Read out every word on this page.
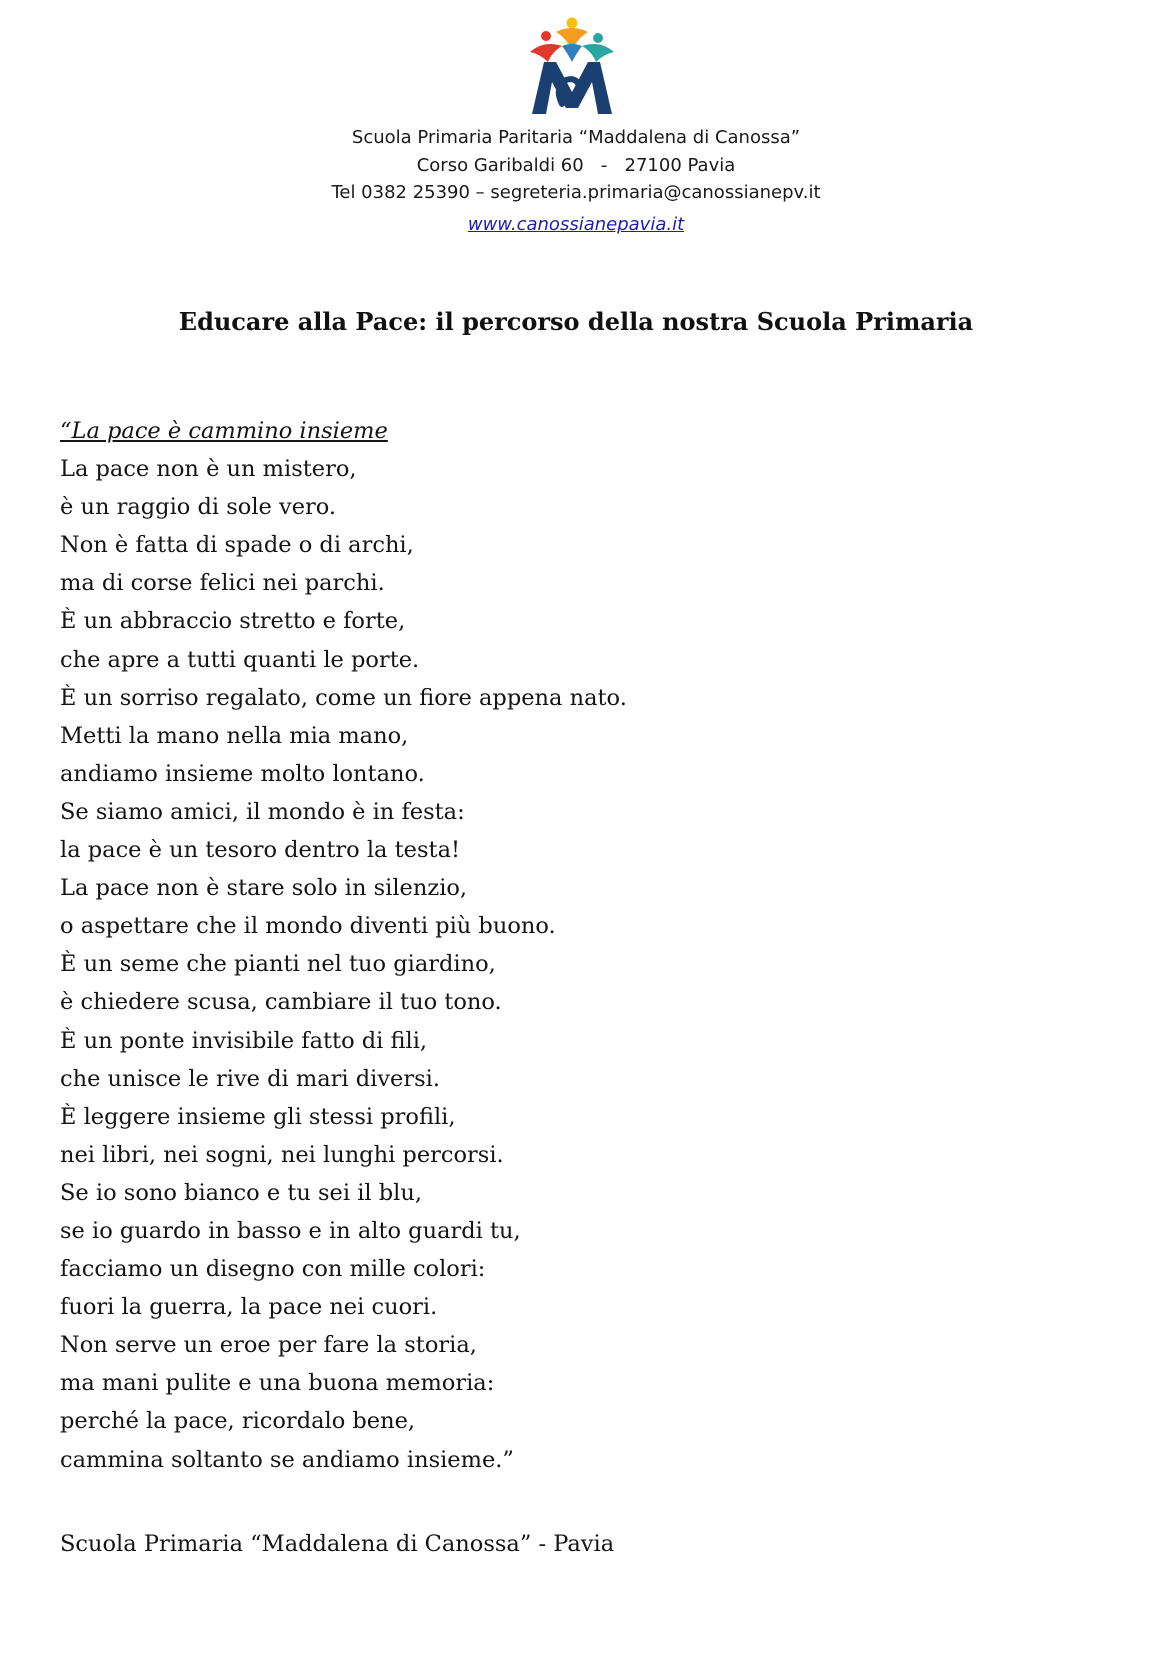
Scuola Primaria Paritaria “Maddalena di Canossa”
Corso Garibaldi 60   -   27100 Pavia
Tel 0382 25390 – segreteria.primaria@canossianepv.it
www.canossianepavia.it
Educare alla Pace: il percorso della nostra Scuola Primaria
“La pace è cammino insieme
La pace non è un mistero,
è un raggio di sole vero.
Non è fatta di spade o di archi,
ma di corse felici nei parchi.
È un abbraccio stretto e forte,
che apre a tutti quanti le porte.
È un sorriso regalato, come un fiore appena nato.
Metti la mano nella mia mano,
andiamo insieme molto lontano.
Se siamo amici, il mondo è in festa:
la pace è un tesoro dentro la testa!
La pace non è stare solo in silenzio,
o aspettare che il mondo diventi più buono.
È un seme che pianti nel tuo giardino,
è chiedere scusa, cambiare il tuo tono.
È un ponte invisibile fatto di fili,
che unisce le rive di mari diversi.
È leggere insieme gli stessi profili,
nei libri, nei sogni, nei lunghi percorsi.
Se io sono bianco e tu sei il blu,
se io guardo in basso e in alto guardi tu,
facciamo un disegno con mille colori:
fuori la guerra, la pace nei cuori.
Non serve un eroe per fare la storia,
ma mani pulite e una buona memoria:
perché la pace, ricordalo bene,
cammina soltanto se andiamo insieme.”
Scuola Primaria “Maddalena di Canossa” - Pavia
